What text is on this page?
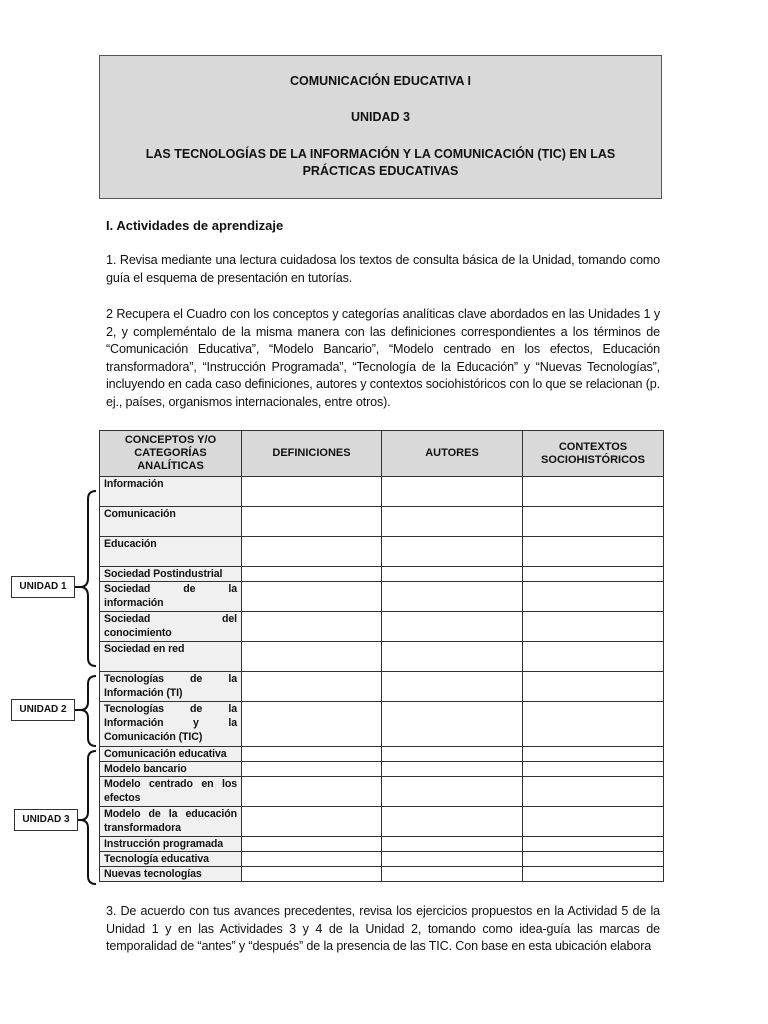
COMUNICACIÓN EDUCATIVA I
UNIDAD 3
LAS TECNOLOGÍAS DE LA INFORMACIÓN Y LA COMUNICACIÓN (TIC) EN LAS PRÁCTICAS EDUCATIVAS
I. Actividades de aprendizaje
1. Revisa mediante una lectura cuidadosa los textos de consulta básica de la Unidad, tomando como guía el esquema de presentación en tutorías.
2 Recupera el Cuadro con los conceptos y categorías analíticas clave abordados en las Unidades 1 y 2, y compleméntalo de la misma manera con las definiciones correspondientes a los términos de “Comunicación Educativa”, “Modelo Bancario”, “Modelo centrado en los efectos, Educación transformadora”, “Instrucción Programada”, “Tecnología de la Educación” y “Nuevas Tecnologías”, incluyendo en cada caso definiciones, autores y contextos sociohistóricos con lo que se relacionan (p. ej., países, organismos internacionales, entre otros).
CONCEPTOS Y/O CATEGORÍAS ANALÍTICAS	DEFINICIONES	AUTORES	CONTEXTOS SOCIOHISTÓRICOS
Información			
Comunicación			
Educación			
Sociedad Postindustrial			
Sociedad de la información			
Sociedad del conocimiento			
Sociedad en red			
Tecnologías de la Información (TI)			
Tecnologías de la Información y la Comunicación (TIC)			
Comunicación educativa			
Modelo bancario			
Modelo centrado en los efectos			
Modelo de la educación transformadora			
Instrucción programada			
Tecnología educativa			
Nuevas tecnologías			
UNIDAD 1
UNIDAD 2
UNIDAD 3
3. De acuerdo con tus avances precedentes, revisa los ejercicios propuestos en la Actividad 5 de la Unidad 1 y en las Actividades 3 y 4 de la Unidad 2, tomando como idea-guía las marcas de temporalidad de “antes” y “después” de la presencia de las TIC. Con base en esta ubicación elabora
